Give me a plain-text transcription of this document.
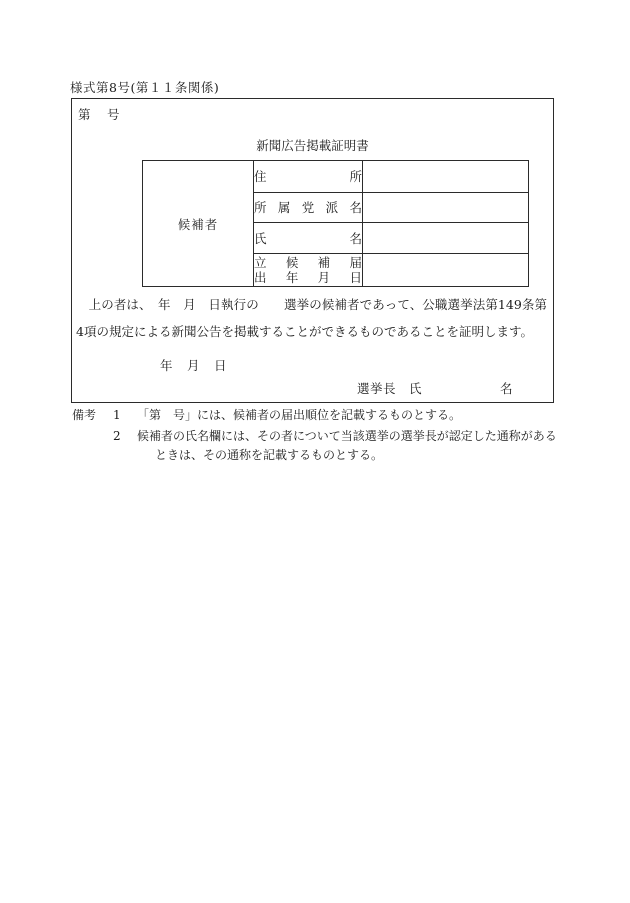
様式第8号(第１１条関係)
第　号
新聞広告掲載証明書
候補者	住所	

	所属党派名	

	氏名	

	立候補届
出年月日	

　上の者は、　年　月　日執行の　　選挙の候補者であって、公職選挙法第149条第4項の規定による新聞公告を掲載することができるものであることを証明します。

年　月　日
選挙長　氏　　　　　　名
備考	1	「第　号」には、候補者の届出順位を記載するものとする。
2	候補者の氏名欄には、その者について当該選挙の選挙長が認定した通称があるときは、その通称を記載するものとする。
